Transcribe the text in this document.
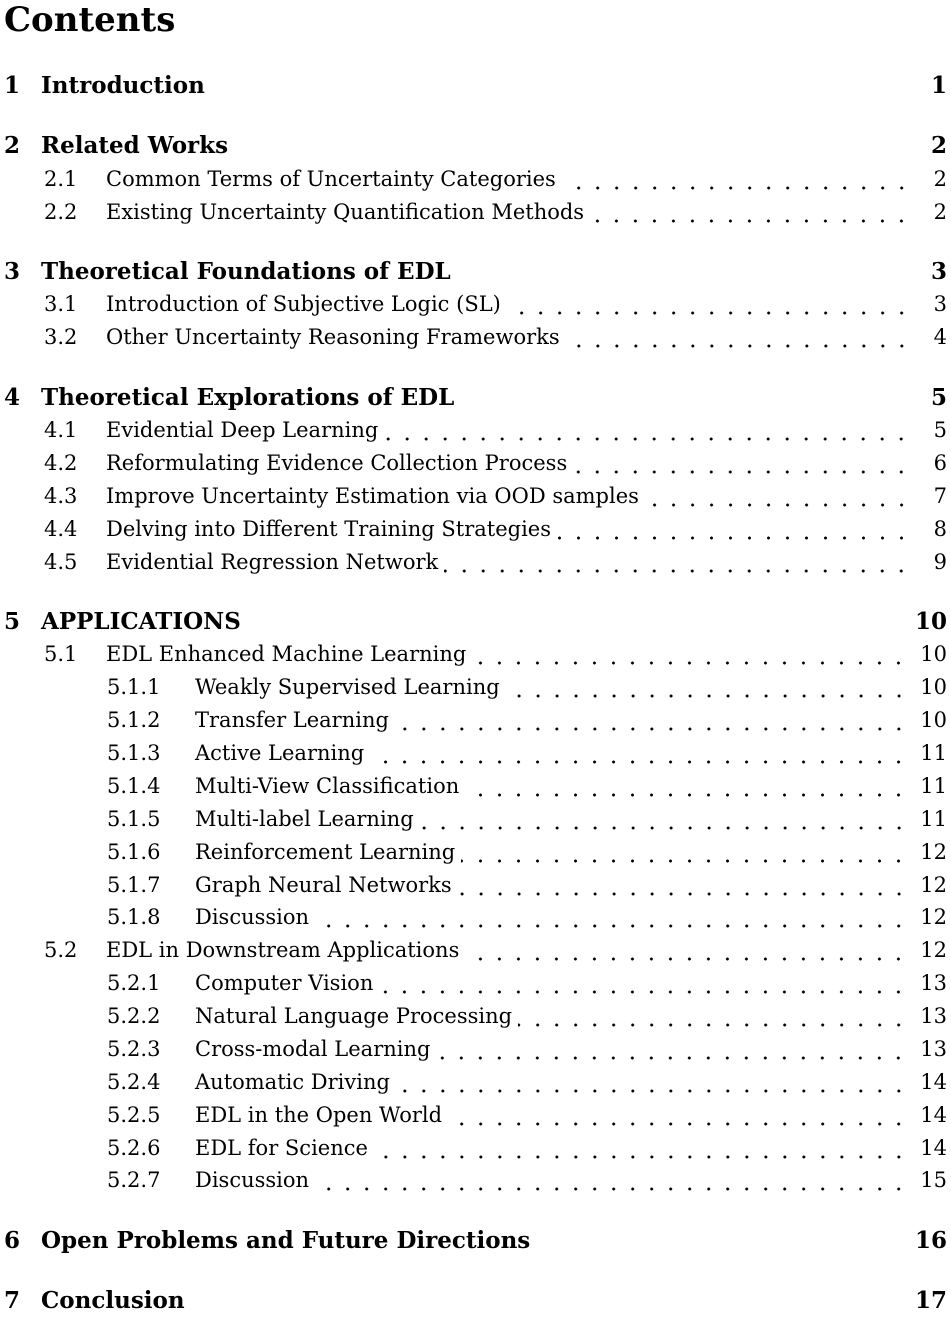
Contents
1 Introduction	1
2 Related Works	2
2.1	Common Terms of Uncertainty Categories	2
2.2	Existing Uncertainty Quantification Methods	2
3 Theoretical Foundations of EDL	3
3.1	Introduction of Subjective Logic (SL)	3
3.2	Other Uncertainty Reasoning Frameworks	4
4 Theoretical Explorations of EDL	5
4.1	Evidential Deep Learning	5
4.2	Reformulating Evidence Collection Process	6
4.3	Improve Uncertainty Estimation via OOD samples	7
4.4	Delving into Different Training Strategies	8
4.5	Evidential Regression Network	9
5 APPLICATIONS	10
5.1	EDL Enhanced Machine Learning	10
5.1.1	Weakly Supervised Learning	10
5.1.2	Transfer Learning	10
5.1.3	Active Learning	11
5.1.4	Multi-View Classification	11
5.1.5	Multi-label Learning	11
5.1.6	Reinforcement Learning	12
5.1.7	Graph Neural Networks	12
5.1.8	Discussion	12
5.2	EDL in Downstream Applications	12
5.2.1	Computer Vision	13
5.2.2	Natural Language Processing	13
5.2.3	Cross-modal Learning	13
5.2.4	Automatic Driving	14
5.2.5	EDL in the Open World	14
5.2.6	EDL for Science	14
5.2.7	Discussion	15
6 Open Problems and Future Directions	16
7 Conclusion	17
